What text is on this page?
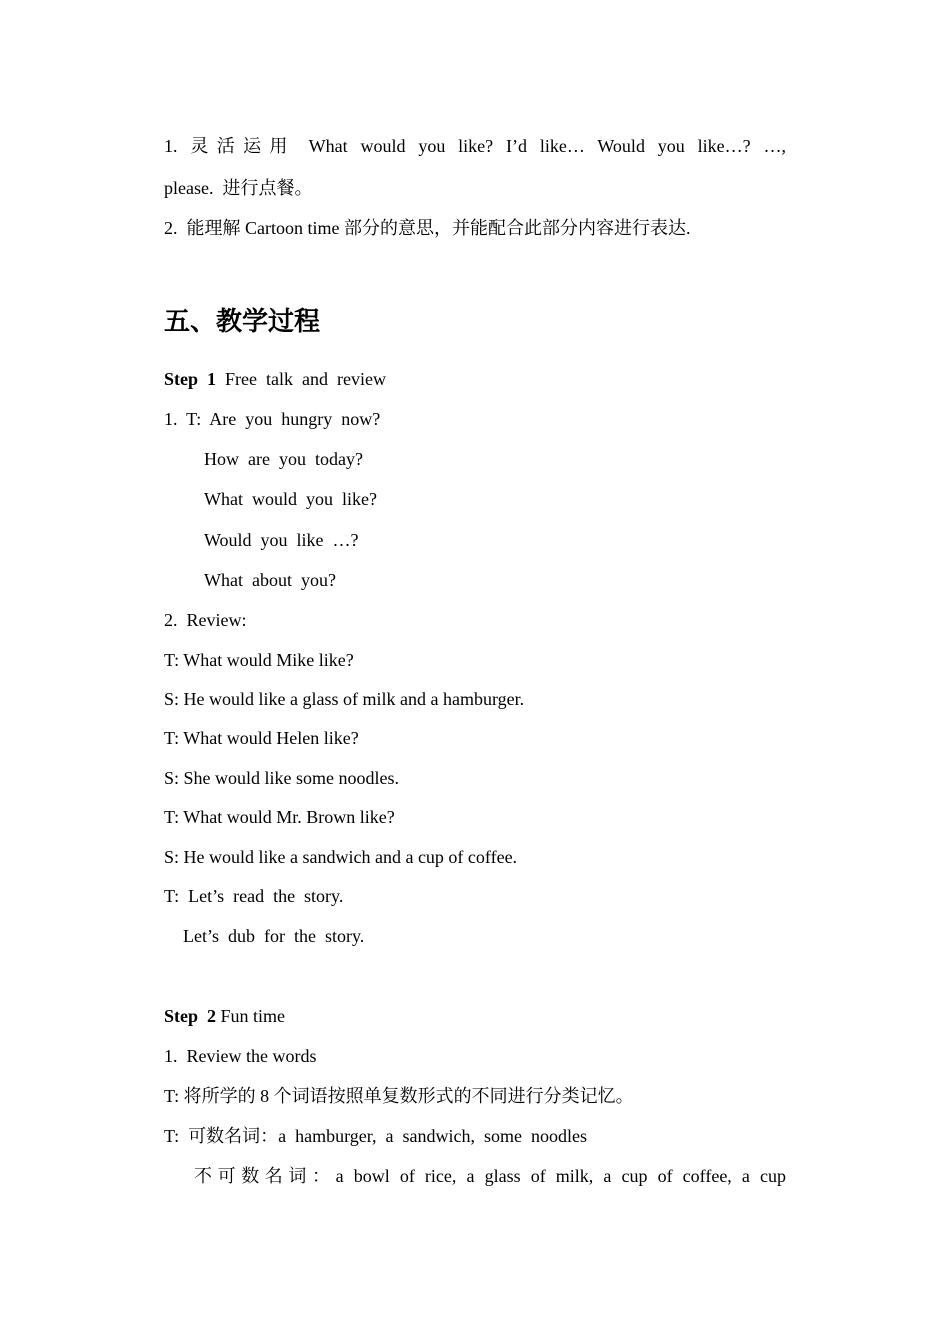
1. 灵活运用 What would you like? I’d like… Would you like…? …,
please.  进行点餐。
2.  能理解 Cartoon time 部分的意思，并能配合此部分内容进行表达.
五、教学过程
Step  1  Free  talk  and  review
1.  T:  Are  you  hungry  now?
How  are  you  today?
What  would  you  like?
Would  you  like  …?
What  about  you?
2.  Review:
T: What would Mike like?
S: He would like a glass of milk and a hamburger.
T: What would Helen like?
S: She would like some noodles.
T: What would Mr. Brown like?
S: He would like a sandwich and a cup of coffee.
T:  Let’s  read  the  story.
Let’s  dub  for  the  story.
Step  2 Fun time
1.  Review the words
T: 将所学的 8 个词语按照单复数形式的不同进行分类记忆。
T:  可数名词：a  hamburger,  a  sandwich,  some  noodles
不可数名词：a bowl of rice, a glass of milk, a cup of coffee, a cup
